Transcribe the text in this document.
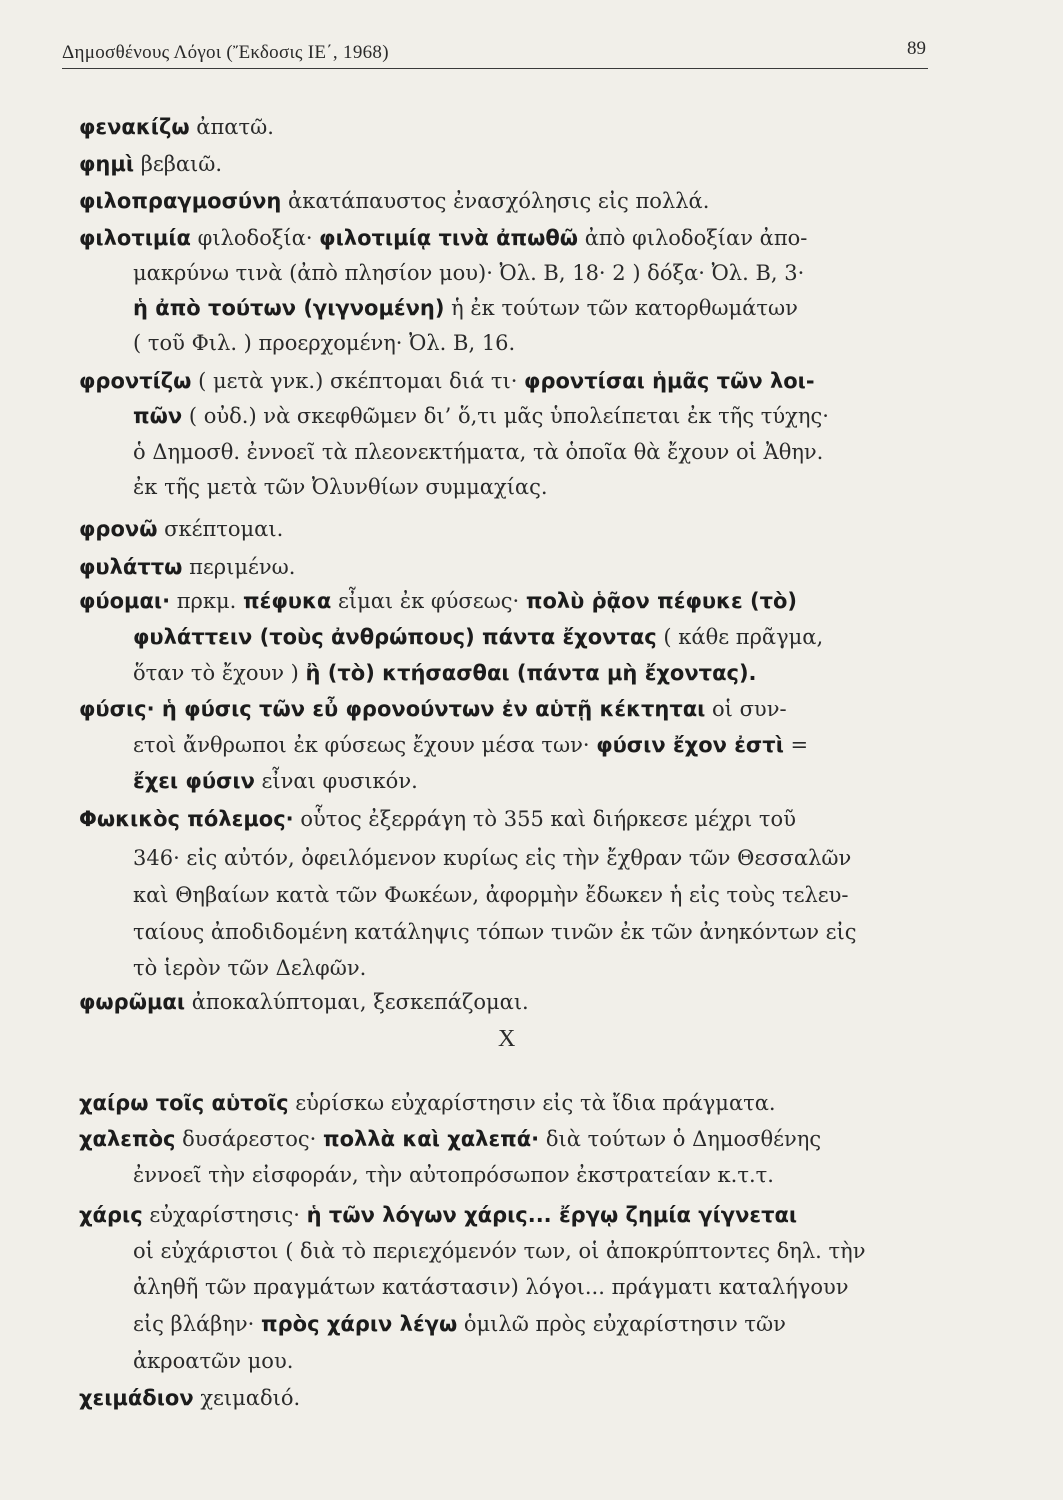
Δημοσθένους Λόγοι (Ἔκδοσις ΙΕ΄, 1968)	89
φενακίζω ἀπατῶ.
φημὶ βεβαιῶ.
φιλοπραγμοσύνη ἀκατάπαυστος ἐνασχόλησις εἰς πολλά.
φιλοτιμία φιλοδοξία· φιλοτιμίᾳ τινὰ ἀπωθῶ ἀπὸ φιλοδοξίαν ἀπο-
μακρύνω τινὰ (ἀπὸ πλησίον μου)· Ὀλ. Β, 18· 2 ) δόξα· Ὀλ. Β, 3·
ἡ ἀπὸ τούτων (γιγνομένη) ἡ ἐκ τούτων τῶν κατορθωμάτων
( τοῦ Φιλ. ) προερχομένη· Ὀλ. Β, 16.
φροντίζω ( μετὰ γνκ.) σκέπτομαι διά τι· φροντίσαι ἡμᾶς τῶν λοι-
πῶν ( οὐδ.) νὰ σκεφθῶμεν δι’ ὅ,τι μᾶς ὑπολείπεται ἐκ τῆς τύχης·
ὁ Δημοσθ. ἐννοεῖ τὰ πλεονεκτήματα, τὰ ὁποῖα θὰ ἔχουν οἱ Ἀθην.
ἐκ τῆς μετὰ τῶν Ὀλυνθίων συμμαχίας.
φρονῶ σκέπτομαι.
φυλάττω περιμένω.
φύομαι· πρκμ. πέφυκα εἶμαι ἐκ φύσεως· πολὺ ῥᾷον πέφυκε (τὸ)
φυλάττειν (τοὺς ἀνθρώπους) πάντα ἔχοντας ( κάθε πρᾶγμα,
ὅταν τὸ ἔχουν ) ἢ (τὸ) κτήσασθαι (πάντα μὴ ἔχοντας).
φύσις· ἡ φύσις τῶν εὖ φρονούντων ἐν αὑτῇ κέκτηται οἱ συν-
ετοὶ ἄνθρωποι ἐκ φύσεως ἔχουν μέσα των· φύσιν ἔχον ἐστὶ =
ἔχει φύσιν εἶναι φυσικόν.
Φωκικὸς πόλεμος· οὗτος ἐξερράγη τὸ 355 καὶ διήρκεσε μέχρι τοῦ
346· εἰς αὐτόν, ὀφειλόμενον κυρίως εἰς τὴν ἔχθραν τῶν Θεσσαλῶν
καὶ Θηβαίων κατὰ τῶν Φωκέων, ἀφορμὴν ἔδωκεν ἡ εἰς τοὺς τελευ-
ταίους ἀποδιδομένη κατάληψις τόπων τινῶν ἐκ τῶν ἀνηκόντων εἰς
τὸ ἱερὸν τῶν Δελφῶν.
φωρῶμαι ἀποκαλύπτομαι, ξεσκεπάζομαι.
Χ
χαίρω τοῖς αὑτοῖς εὑρίσκω εὐχαρίστησιν εἰς τὰ ἴδια πράγματα.
χαλεπὸς δυσάρεστος· πολλὰ καὶ χαλεπά· διὰ τούτων ὁ Δημοσθένης
ἐννοεῖ τὴν εἰσφοράν, τὴν αὐτοπρόσωπον ἐκστρατείαν κ.τ.τ.
χάρις εὐχαρίστησις· ἡ τῶν λόγων χάρις... ἔργῳ ζημία γίγνεται
οἱ εὐχάριστοι ( διὰ τὸ περιεχόμενόν των, οἱ ἀποκρύπτοντες δηλ. τὴν
ἀληθῆ τῶν πραγμάτων κατάστασιν) λόγοι... πράγματι καταλήγουν
εἰς βλάβην· πρὸς χάριν λέγω ὁμιλῶ πρὸς εὐχαρίστησιν τῶν
ἀκροατῶν μου.
χειμάδιον χειμαδιό.
